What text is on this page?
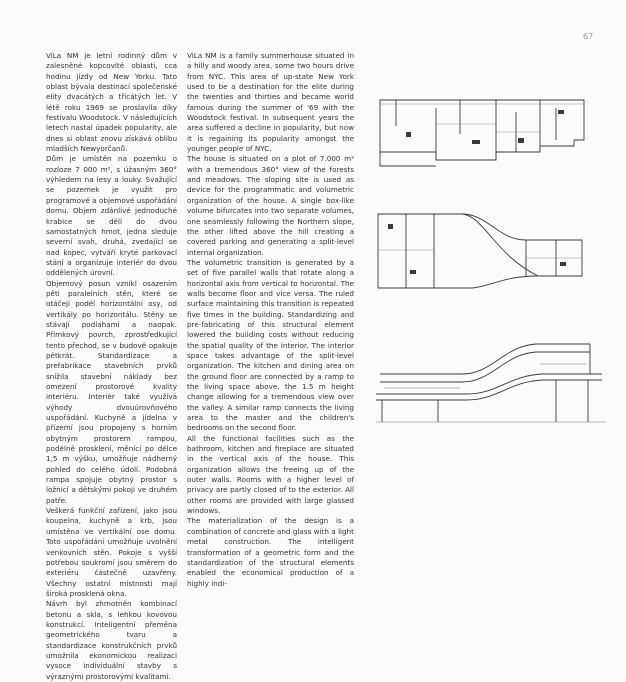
67

ViLa NM je letní rodinný dům v zalesněné kopcovité oblasti, cca hodinu jízdy od New Yorku. Tato oblast bývala destinací společenské elity dvacátých a třicátých let. V létě roku 1969 se proslavila díky festivalu Woodstock. V následujících letech nastal úpadek popularity, ale dnes si oblast znovu získává oblibu mladších Newyorčanů.

Dům je umístěn na pozemku o rozloze 7 000 m², s úžasným 360° výhledem na lesy a louky. Svažující se pozemek je využit pro programové a objemové uspořádání domu. Objem zdánlivě jednoduché krabice se dělí do dvou samostatných hmot, jedna sleduje severní svah, druhá, zvedající se nad kopec, vytváří kryté parkovací stání a organizuje interiér do dvou oddělených úrovní.

Objemový posun vznikl osazením pěti paralelních stěn, které se otáčejí podél horizontální osy, od vertikály po horizontálu. Stěny se stávají podlahami a naopak. Přímkový povrch, zprostředkující tento přechod, se v budově opakuje pětkrát. Standardizace a prefabrikace stavebních prvků snížila stavební náklady bez omezení prostorové kvality interiéru. Interiér také využívá výhody dvouúrovňového uspořádání. Kuchyně a jídelna v přízemí jsou propojeny s horním obytným prostorem rampou, podélně proskleni, měnící po délce 1,5 m výšku, umožňuje nádherný pohled do celého údolí. Podobná rampa spojuje obytný prostor s ložnicí a dětskými pokoji ve druhém patře.

Veškerá funkční zařízení, jako jsou koupelna, kuchyně a krb, jsou umístěna ve vertikální ose domu. Toto uspořádání umožňuje uvolnění venkovních stěn. Pokoje s vyšší potřebou soukromí jsou směrem do exteriéru částečně uzavřeny. Všechny ostatní místnosti mají široká prosklená okna.

Návrh byl zhmotněn kombinací betonu a skla, s lehkou kovovou konstrukcí. Inteligentní přeměna geometrického tvaru a standardizace konstrukčních prvků umožnila ekonomickou realizaci vysoce individuální stavby s výraznými prostorovými kvalitami.

ViLa NM is a family summerhouse situated in a hilly and woody area, some two hours drive from NYC. This area of up-state New York used to be a destination for the elite during the twenties and thirties and became world famous during the summer of '69 with the Woodstock festival. In subsequent years the area suffered a decline in popularity, but now it is regaining its popularity amongst the younger people of NYC.

The house is situated on a plot of 7.000 m² with a tremendous 360° view of the forests and meadows. The sloping site is used as device for the programmatic and volumetric organization of the house. A single box-like volume bifurcates into two separate volumes, one seamlessly following the Northern slope, the other lifted above the hill creating a covered parking and generating a split-level internal organization.

The volumetric transition is generated by a set of five parallel walls that rotate along a horizontal axis from vertical to horizontal. The walls become floor and vice versa. The ruled surface maintaining this transition is repeated five times in the building. Standardizing and pre-fabricating of this structural element lowered the building costs without reducing the spatial quality of the interior. The interior space takes advantage of the split-level organization. The kitchen and dining area on the ground floor are connected by a ramp to the living space above, the 1.5 m height change allowing for a tremendous view over the valley. A similar ramp connects the living area to the master and the children's bedrooms on the second floor.

All the functional facilities such as the bathroom, kitchen and fireplace are situated in the vertical axis of the house. This organization allows the freeing up of the outer walls. Rooms with a higher level of privacy are partly closed of to the exterior. All other rooms are provided with large glassed windows.

The materialization of the design is a combination of concrete and glass with a light metal construction. The intelligent transformation of a geometric form and the standardization of the structural elements enabled the economical production of a highly indi-
